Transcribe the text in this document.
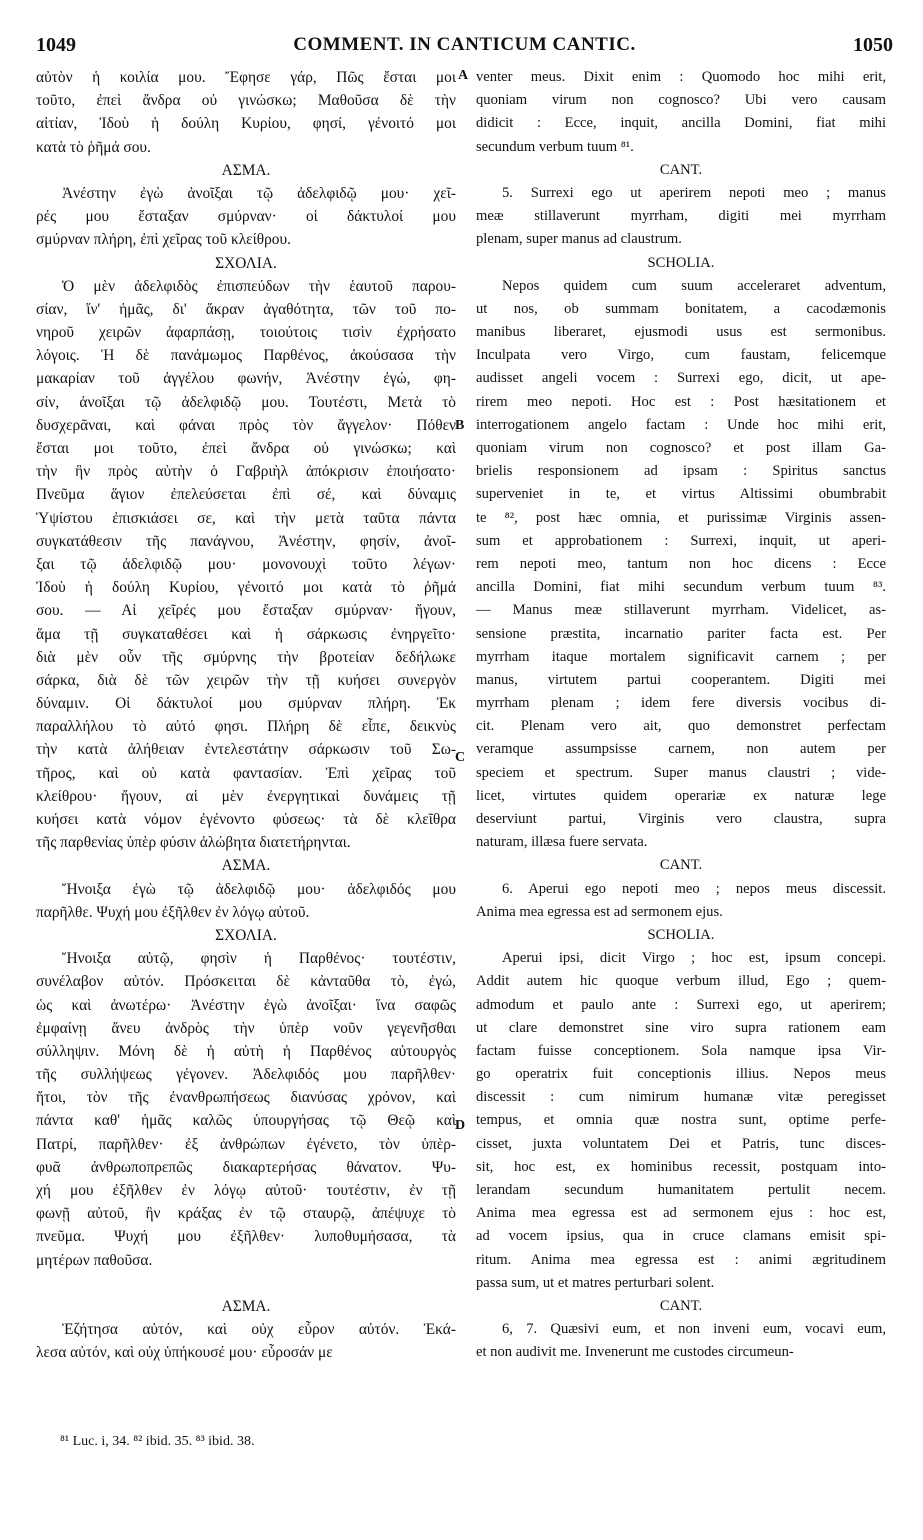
1049	COMMENT. IN CANTICUM CANTIC.	1050
αὐτὸν ἡ κοιλία μου. Ἔφησε γάρ, Πῶς ἔσται μοι
τοῦτο, ἐπεὶ ἄνδρα οὐ γινώσκω; Μαθοῦσα δὲ τὴν
αἰτίαν, Ἰδοὺ ἡ δούλη Κυρίου, φησί, γένοιτό μοι
κατὰ τὸ ῥῆμά σου.
ΑΣΜΑ.
Ἀνέστην ἐγὼ ἀνοῖξαι τῷ ἀδελφιδῷ μου· χεῖ-
ρές μου ἔσταξαν σμύρναν· οἱ δάκτυλοί μου
σμύρναν πλήρη, ἐπὶ χεῖρας τοῦ κλείθρου.
ΣΧΟΛΙΑ.
Ὁ μὲν ἀδελφιδὸς ἐπισπεύδων τὴν ἑαυτοῦ παρου-
σίαν, ἵν' ἡμᾶς, δι' ἄκραν ἀγαθότητα, τῶν τοῦ πο-
νηροῦ χειρῶν ἀφαρπάσῃ, τοιούτοις τισὶν ἐχρήσατο
λόγοις. Ἡ δὲ πανάμωμος Παρθένος, ἀκούσασα τὴν
μακαρίαν τοῦ ἀγγέλου φωνήν, Ἀνέστην ἐγώ, φη-
σίν, ἀνοῖξαι τῷ ἀδελφιδῷ μου. Τουτέστι, Μετὰ τὸ
δυσχερᾶναι, καὶ φάναι πρὸς τὸν ἄγγελον· Πόθεν
ἔσται μοι τοῦτο, ἐπεὶ ἄνδρα οὐ γινώσκω; καὶ
τὴν ἣν πρὸς αὐτὴν ὁ Γαβριὴλ ἀπόκρισιν ἐποιήσατο·
Πνεῦμα ἅγιον ἐπελεύσεται ἐπὶ σέ, καὶ δύναμις
Ὑψίστου ἐπισκιάσει σε, καὶ τὴν μετὰ ταῦτα πάντα
συγκατάθεσιν τῆς πανάγνου, Ἀνέστην, φησίν, ἀνοῖ-
ξαι τῷ ἀδελφιδῷ μου· μονονουχὶ τοῦτο λέγων·
Ἰδοὺ ἡ δούλη Κυρίου, γένοιτό μοι κατὰ τὸ ῥῆμά
σου. — Αἱ χεῖρές μου ἔσταξαν σμύρναν· ἤγουν,
ἅμα τῇ συγκαταθέσει καὶ ἡ σάρκωσις ἐνηργεῖτο·
διὰ μὲν οὖν τῆς σμύρνης τὴν βροτείαν δεδήλωκε
σάρκα, διὰ δὲ τῶν χειρῶν τὴν τῇ κυήσει συνεργὸν
δύναμιν. Οἱ δάκτυλοί μου σμύρναν πλήρη. Ἐκ
παραλλήλου τὸ αὐτό φησι. Πλήρη δὲ εἶπε, δεικνὺς
τὴν κατὰ ἀλήθειαν ἐντελεστάτην σάρκωσιν τοῦ Σω-
τῆρος, καὶ οὐ κατὰ φαντασίαν. Ἐπὶ χεῖρας τοῦ
κλείθρου· ἤγουν, αἱ μὲν ἐνεργητικαὶ δυνάμεις τῇ
κυήσει κατὰ νόμον ἐγένοντο φύσεως· τὰ δὲ κλεῖθρα
τῆς παρθενίας ὑπὲρ φύσιν ἀλώβητα διατετήρηνται.
ΑΣΜΑ.
Ἤνοιξα ἐγὼ τῷ ἀδελφιδῷ μου· ἀδελφιδός μου
παρῆλθε. Ψυχή μου ἐξῆλθεν ἐν λόγῳ αὐτοῦ.
ΣΧΟΛΙΑ.
Ἤνοιξα αὐτῷ, φησὶν ἡ Παρθένος· τουτέστιν,
συνέλαβον αὐτόν. Πρόσκειται δὲ κἀνταῦθα τὸ, ἐγώ,
ὡς καὶ ἀνωτέρω· Ἀνέστην ἐγὼ ἀνοῖξαι· ἵνα σαφῶς
ἐμφαίνῃ ἄνευ ἀνδρὸς τὴν ὑπὲρ νοῦν γεγενῆσθαι
σύλληψιν. Μόνη δὲ ἡ αὐτὴ ἡ Παρθένος αὐτουργὸς
τῆς συλλήψεως γέγονεν. Ἀδελφιδός μου παρῆλθεν·
ἤτοι, τὸν τῆς ἐνανθρωπήσεως διανύσας χρόνον, καὶ
πάντα καθ' ἡμᾶς καλῶς ὑπουργήσας τῷ Θεῷ καὶ
Πατρί, παρῆλθεν· ἐξ ἀνθρώπων ἐγένετο, τὸν ὑπὲρ-
φυᾶ ἀνθρωποπρεπῶς διακαρτερήσας θάνατον. Ψυ-
χή μου ἐξῆλθεν ἐν λόγῳ αὐτοῦ· τουτέστιν, ἐν τῇ
φωνῇ αὐτοῦ, ἣν κράξας ἐν τῷ σταυρῷ, ἀπέψυχε τὸ
πνεῦμα. Ψυχή μου ἐξῆλθεν· λυποθυμήσασα, τὰ
μητέρων παθοῦσα.
ΑΣΜΑ.
Ἐζήτησα αὐτόν, καὶ οὐχ εὗρον αὐτόν. Ἐκά-
λεσα αὐτόν, καὶ οὐχ ὑπήκουσέ μου· εὗροσάν με
venter meus. Dixit enim : Quomodo hoc mihi erit,
quoniam virum non cognosco? Ubi vero causam
didicit : Ecce, inquit, ancilla Domini, fiat mihi
secundum verbum tuum ⁸¹.
CANT.
5. Surrexi ego ut aperirem nepoti meo ; manus
meæ stillaverunt myrrham, digiti mei myrrham
plenam, super manus ad claustrum.
SCHOLIA.
Nepos quidem cum suum acceleraret adventum,
ut nos, ob summam bonitatem, a cacodæmonis
manibus liberaret, ejusmodi usus est sermonibus.
Inculpata vero Virgo, cum faustam, felicemque
audisset angeli vocem : Surrexi ego, dicit, ut ape-
rirem meo nepoti. Hoc est : Post hæsitationem et
interrogationem angelo factam : Unde hoc mihi erit,
quoniam virum non cognosco? et post illam Ga-
brielis responsionem ad ipsam : Spiritus sanctus
superveniet in te, et virtus Altissimi obumbrabit
te ⁸², post hæc omnia, et purissimæ Virginis assen-
sum et approbationem : Surrexi, inquit, ut aperi-
rem nepoti meo, tantum non hoc dicens : Ecce
ancilla Domini, fiat mihi secundum verbum tuum ⁸³.
— Manus meæ stillaverunt myrrham. Videlicet, as-
sensione præstita, incarnatio pariter facta est. Per
myrrham itaque mortalem significavit carnem ; per
manus, virtutem partui cooperantem. Digiti mei
myrrham plenam ; idem fere diversis vocibus di-
cit. Plenam vero ait, quo demonstret perfectam
veramque assumpsisse carnem, non autem per
speciem et spectrum. Super manus claustri ; vide-
licet, virtutes quidem operariæ ex naturæ lege
deserviunt partui, Virginis vero claustra, supra
naturam, illæsa fuere servata.
CANT.
6. Aperui ego nepoti meo ; nepos meus discessit.
Anima mea egressa est ad sermonem ejus.
SCHOLIA.
Aperui ipsi, dicit Virgo ; hoc est, ipsum concepi.
Addit autem hic quoque verbum illud, Ego ; quem-
admodum et paulo ante : Surrexi ego, ut aperirem;
ut clare demonstret sine viro supra rationem eam
factam fuisse conceptionem. Sola namque ipsa Vir-
go operatrix fuit conceptionis illius. Nepos meus
discessit : cum nimirum humanæ vitæ peregisset
tempus, et omnia quæ nostra sunt, optime perfe-
cisset, juxta voluntatem Dei et Patris, tunc disces-
sit, hoc est, ex hominibus recessit, postquam into-
lerandam secundum humanitatem pertulit necem.
Anima mea egressa est ad sermonem ejus : hoc est,
ad vocem ipsius, qua in cruce clamans emisit spi-
ritum. Anima mea egressa est : animi ægritudinem
passa sum, ut et matres perturbari solent.
CANT.
6, 7. Quæsivi eum, et non inveni eum, vocavi eum,
et non audivit me. Invenerunt me custodes circumeun-
A
B
C
D
⁸¹ Luc. i, 34. ⁸² ibid. 35. ⁸³ ibid. 38.
